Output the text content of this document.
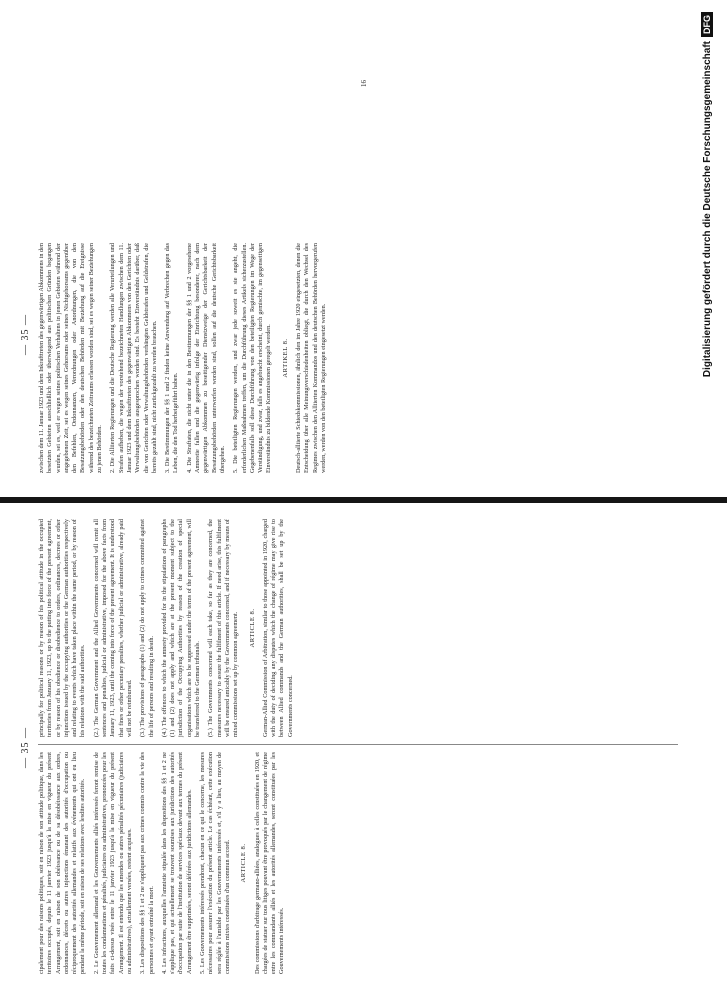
— 35 —

cipalement pour des raisons politiques, soit en raison de son attitude politique, dans les territoires occupés, depuis le 11 janvier 1923 jusqu'à la mise en vigueur du présent Arrangement, soit en raison de son obéissance ou de sa désobéissance aux ordres, ordonnances, décrets ou autres injonctions émanant des autorités d'occupation ou réciproquement des autorités allemandes et relatifs aux événements qui ont eu lieu pendant la même période, soit en raison de ses relations avec lesdites autorités. 2. Le Gouvernement allemand et les Gouvernements alliés intéressés feront remise de toutes les condamnations et pénalités, judiciaires ou administratives, prononcées pour les faits ci-dessus visés entre le 11 janvier 1923 jusqu'à la mise en vigueur du présent Arrangement. Il est entendu que les amendes ou autres pénalités pécuniaires (judiciaires ou administratives), actuellement versées, restent acquises. 3. Les dispositions des §§ 1 et 2 ne s'appliquent pas aux crimes commis contre la vie des personnes et ayant entraîné la mort. 4. Les infractions, auxquelles l'amnistie stipulée dans les dispositions des §§ 1 et 2 ne s'applique pas, et qui actuellement se trouvent soumises aux juridictions des autorités d'occupation par suite de l'institution de services spéciaux devant aux termes du présent Arrangement être supprimées, seront déférées aux juridictions allemandes. 5. Les Gouvernements intéressés prendront, chacun en ce qui le concerne, les mesures nécessaires pour assurer l'exécution du présent article. Le cas échéant, cette exécution sera réglée à l'amiable par les Gouvernements intéressés et, s'il y a lieu, au moyen de commissions mixtes constituées d'un commun accord. ARTICLE 8. Des commissions d'arbitrage germano-alliées, analogues à celles constituées en 1920, et chargées de statuer sur tous litiges pouvant être provoqués par le changement de régime entre les commandants alliés et les autorités allemandes, seront constituées par les Gouvernements intéressés.

principally for political reasons or by reason of his political attitude in the occupied territories from January 11, 1923, up to the putting into force of the present agreement, or by reason of his obedience or disobedience to orders, ordinances, decrees or other injunctions issued by the occupying authorities or the German authorities respectively and relating to events which have taken place within the same period, or by reason of his relations with the said authorities. (2.) The German Government and the Allied Governments concerned will remit all sentences and penalties, judicial or administrative, imposed for the above facts from January 11, 1923, until the coming into force of the present agreement. It is understood that fines or other pecuniary penalties, whether judicial or administrative, already paid will not be reimbursed. (3.) The provisions of paragraphs (1) and (2) do not apply to crimes committed against the life of persons and resulting in death. (4.) The offences to which the amnesty provided for in the stipulations of paragraphs (1) and (2) does not apply and which are at the present moment subject to the jurisdiction of the Occupying Authorities by reason of the creation of special organisations which are to be suppressed under the terms of the present agreement, will be transferred to the German tribunals. (5.) The Governments concerned will each take, so far as they are concerned, the measures necessary to assure the fulfilment of this article. If need arise, this fulfilment will be ensured amicably by the Governments concerned, and if necessary by means of mixed commissions set up by common agreement. ARTICLE 8. German-Allied Commission of Arbitration, similar to those appointed in 1920, charged with the duty of deciding any disputes which the change of régime may give rise to between Allied commands and the German authorities, shall be set up by the Governments concerned.

— 35 — zwischen dem 11. Januar 1923 und dem Inkrafttreten des gegenwärtigen Abkommens in den besetzten Gebieten ausschließlich oder überwiegend aus politischen Gründen begangen wurden, sei es, weil er wegen seines politischen Verhaltens in jenen Gebieten während der angegebenen Zeit, sei es wegen seines Gehorsams oder seines Nichtgehorsams gegenüber den Befehlen, Ordonnanzen, Verordnungen oder Anordnungen, die von den Besatzungsbehörden oder den deutschen Behörden mit Beziehung auf die Ereignisse während des bezeichneten Zeitraums erlassen worden sind, sei es wegen seiner Beziehungen zu jenen Behörden. 2. Die Alliierten Regierungen und die Deutsche Regierung werden alle Verurteilungen und Strafen aufheben, die wegen der vorstehend bezeichneten Handlungen zwischen dem 11. Januar 1923 und dem Inkrafttreten des gegenwärtigen Abkommens von den Gerichten oder Verwaltungsbehörden ausgesprochen worden sind. Es besteht Einverständnis darüber, daß die von Gerichten oder Verwaltungsbehörden verhängten Geldstrafen und Geldstrafen, die bereits gezahlt sind, nicht zurückgezahlt zu werden brauchen. 3. Die Bestimmungen der §§ 1 und 2 finden keine Anwendung auf Verbrechen gegen das Leben, die den Tod herbeigeführt haben. 4. Die Straftaten, die nicht unter die in den Bestimmungen der §§ 1 und 2 vorgesehene Amnestie fallen und die gegenwärtig infolge der Einrichtung besonderer, nach dem gegenwärtigen Abkommen zu beseitigender Dienstzweige der Gerichtsbarkeit der Besatzungsbehörden unterworfen worden sind, sollen auf die deutsche Gerichtsbarkeit übergehen. 5. Die beteiligten Regierungen werden, und zwar jede soweit es sie angeht, die erforderlichen Maßnahmen treffen, um die Durchführung dieses Artikels sicherzustellen. Gegebenenfalls soll diese Durchführung von den beteiligten Regierungen im Wege der Verständigung, und zwar, falls es angebracht erscheint, durch gemischte, im gegenseitigen Einverständnis zu bildende Kommissionen geregelt werden. ARTIKEL 8. Deutsch-alliierte Schiedskommissionen, ähnlich den im Jahre 1920 eingesetzten, denen die Entscheidung über alle Meinungsverschiedenheiten obliegt, die durch den Wechsel des Regimes zwischen den Alliierten Kommandos und den deutschen Behörden hervorgerufen werden, werden von den beteiligten Regierungen eingesetzt werden.

16	Digitalisierung gefördert durch die Deutsche ForschungsgemeinschaftDFG
